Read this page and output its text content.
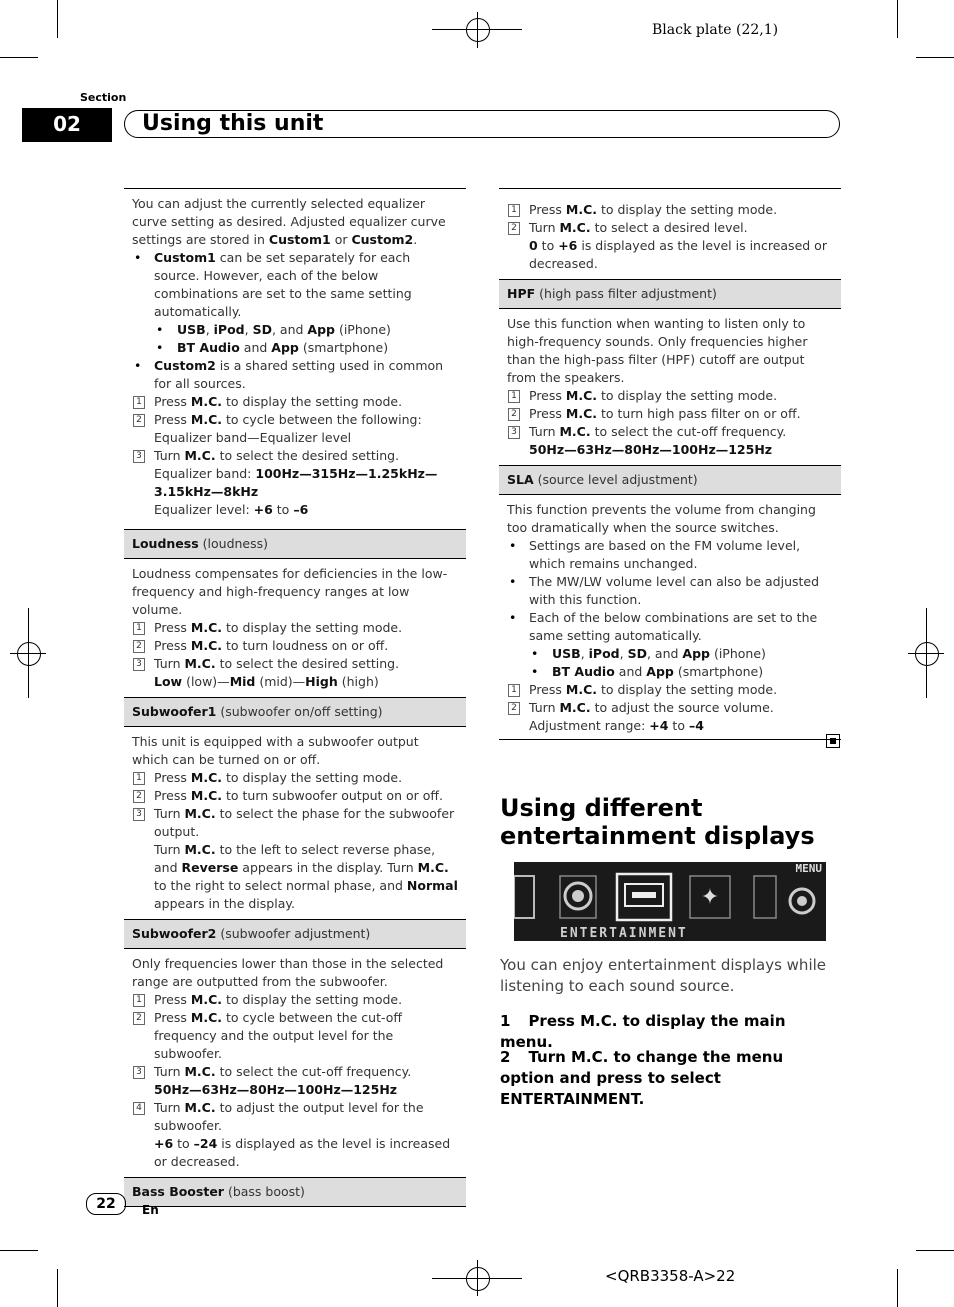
Black plate (22,1)
Section
02	Using this unit

You can adjust the currently selected equalizer curve setting as desired. Adjusted equalizer curve settings are stored in Custom1 or Custom2.

• Custom1 can be set separately for each source. However, each of the below combinations are set to the same setting automatically.
• USB, iPod, SD, and App (iPhone)
• BT Audio and App (smartphone)
• Custom2 is a shared setting used in common for all sources.
1 Press M.C. to display the setting mode.
2 Press M.C. to cycle between the following:
Equalizer band—Equalizer level
3 Turn M.C. to select the desired setting.
Equalizer band: 100Hz—315Hz—1.25kHz—3.15kHz—8kHz
Equalizer level: +6 to –6
Loudness (loudness)

Loudness compensates for deficiencies in the low-frequency and high-frequency ranges at low volume.

1 Press M.C. to display the setting mode.
2 Press M.C. to turn loudness on or off.
3 Turn M.C. to select the desired setting.
Low (low)—Mid (mid)—High (high)
Subwoofer1 (subwoofer on/off setting)

This unit is equipped with a subwoofer output which can be turned on or off.

1 Press M.C. to display the setting mode.
2 Press M.C. to turn subwoofer output on or off.
3 Turn M.C. to select the phase for the subwoofer output.
Turn M.C. to the left to select reverse phase, and Reverse appears in the display. Turn M.C. to the right to select normal phase, and Normal appears in the display.
Subwoofer2 (subwoofer adjustment)

Only frequencies lower than those in the selected range are outputted from the subwoofer.

1 Press M.C. to display the setting mode.
2 Press M.C. to cycle between the cut-off frequency and the output level for the subwoofer.
3 Turn M.C. to select the cut-off frequency.
50Hz—63Hz—80Hz—100Hz—125Hz
4 Turn M.C. to adjust the output level for the subwoofer.
+6 to –24 is displayed as the level is increased or decreased.
Bass Booster (bass boost)
1 Press M.C. to display the setting mode.
2 Turn M.C. to select a desired level.
0 to +6 is displayed as the level is increased or decreased.
HPF (high pass filter adjustment)

Use this function when wanting to listen only to high-frequency sounds. Only frequencies higher than the high-pass filter (HPF) cutoff are output from the speakers.

1 Press M.C. to display the setting mode.
2 Press M.C. to turn high pass filter on or off.
3 Turn M.C. to select the cut-off frequency.
50Hz—63Hz—80Hz—100Hz—125Hz
SLA (source level adjustment)

This function prevents the volume from changing too dramatically when the source switches.

• Settings are based on the FM volume level, which remains unchanged.
• The MW/LW volume level can also be adjusted with this function.
• Each of the below combinations are set to the same setting automatically.
• USB, iPod, SD, and App (iPhone)
• BT Audio and App (smartphone)
1 Press M.C. to display the setting mode.
2 Turn M.C. to adjust the source volume.
Adjustment range: +4 to –4
Using different entertainment displays
MENU
✦
ENTERTAINMENT
You can enjoy entertainment displays while listening to each sound source.
1 Press M.C. to display the main menu.
2 Turn M.C. to change the menu option and press to select ENTERTAINMENT.
22	En
<QRB3358-A>22
